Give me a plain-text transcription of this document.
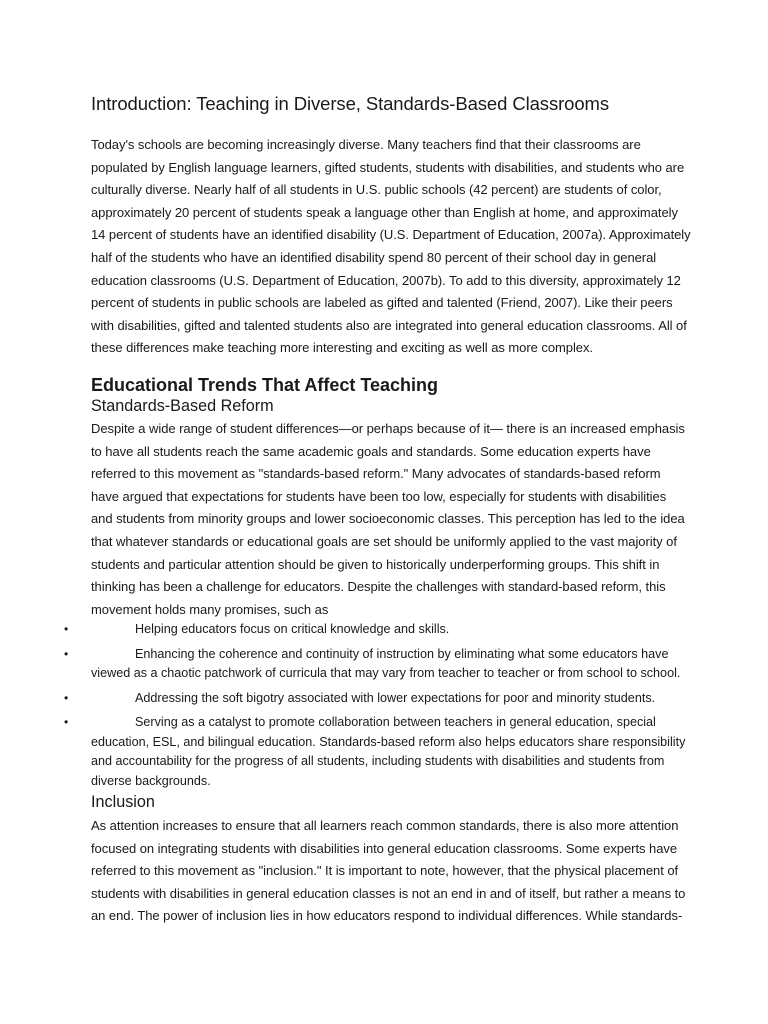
Introduction: Teaching in Diverse, Standards-Based Classrooms

Today's schools are becoming increasingly diverse. Many teachers find that their classrooms are populated by English language learners, gifted students, students with disabilities, and students who are culturally diverse. Nearly half of all students in U.S. public schools (42 percent) are students of color, approximately 20 percent of students speak a language other than English at home, and approximately 14 percent of students have an identified disability (U.S. Department of Education, 2007a). Approximately half of the students who have an identified disability spend 80 percent of their school day in general education classrooms (U.S. Department of Education, 2007b). To add to this diversity, approximately 12 percent of students in public schools are labeled as gifted and talented (Friend, 2007). Like their peers with disabilities, gifted and talented students also are integrated into general education classrooms. All of these differences make teaching more interesting and exciting as well as more complex.

Educational Trends That Affect Teaching
Standards-Based Reform

Despite a wide range of student differences—or perhaps because of it— there is an increased emphasis to have all students reach the same academic goals and standards. Some education experts have referred to this movement as "standards-based reform." Many advocates of standards-based reform have argued that expectations for students have been too low, especially for students with disabilities and students from minority groups and lower socioeconomic classes. This perception has led to the idea that whatever standards or educational goals are set should be uniformly applied to the vast majority of students and particular attention should be given to historically underperforming groups. This shift in thinking has been a challenge for educators. Despite the challenges with standard-based reform, this movement holds many promises, such as

•	Helping educators focus on critical knowledge and skills.
•	Enhancing the coherence and continuity of instruction by eliminating what some educators have viewed as a chaotic patchwork of curricula that may vary from teacher to teacher or from school to school.
•	Addressing the soft bigotry associated with lower expectations for poor and minority students.
•	Serving as a catalyst to promote collaboration between teachers in general education, special education, ESL, and bilingual education. Standards-based reform also helps educators share responsibility and accountability for the progress of all students, including students with disabilities and students from diverse backgrounds.
Inclusion

As attention increases to ensure that all learners reach common standards, there is also more attention focused on integrating students with disabilities into general education classrooms. Some experts have referred to this movement as "inclusion." It is important to note, however, that the physical placement of students with disabilities in general education classes is not an end in and of itself, but rather a means to an end. The power of inclusion lies in how educators respond to individual differences. While standards-
